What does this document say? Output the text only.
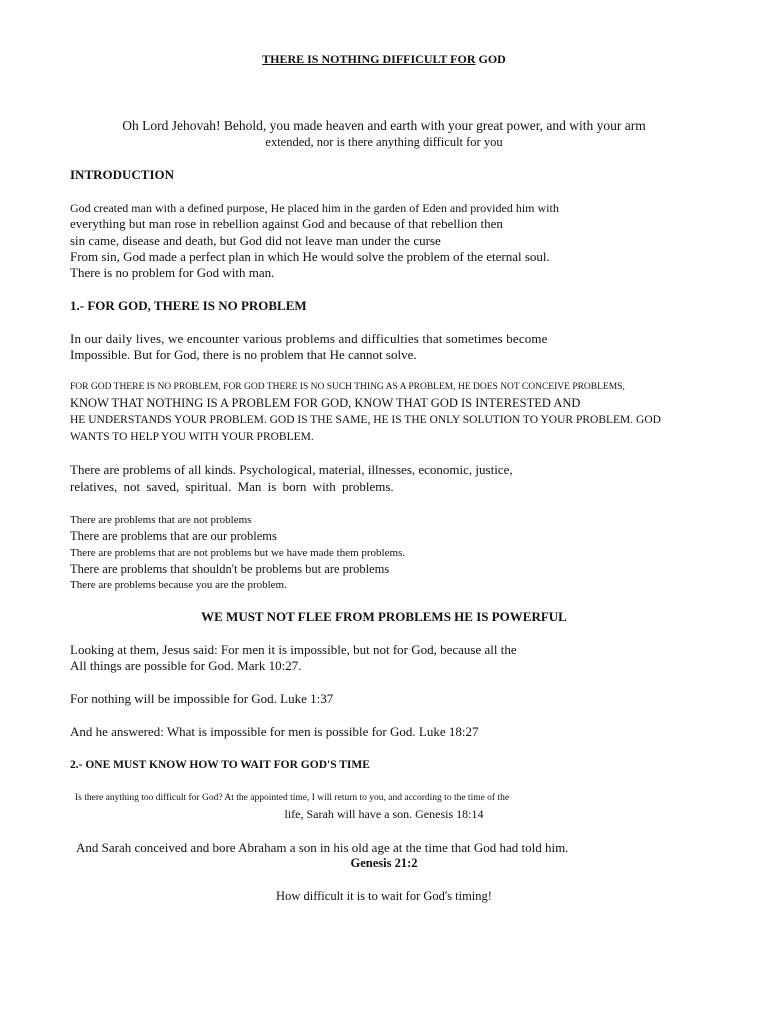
THERE IS NOTHING DIFFICULT FOR GOD
Oh Lord Jehovah! Behold, you made heaven and earth with your great power, and with your arm
extended, nor is there anything difficult for you
INTRODUCTION
God created man with a defined purpose, He placed him in the garden of Eden and provided him with
everything but man rose in rebellion against God and because of that rebellion then
sin came, disease and death, but God did not leave man under the curse
From sin, God made a perfect plan in which He would solve the problem of the eternal soul.
There is no problem for God with man.
1.- FOR GOD, THERE IS NO PROBLEM
In our daily lives, we encounter various problems and difficulties that sometimes become
Impossible. But for God, there is no problem that He cannot solve.
FOR GOD THERE IS NO PROBLEM, FOR GOD THERE IS NO SUCH THING AS A PROBLEM, HE DOES NOT CONCEIVE PROBLEMS,
KNOW THAT NOTHING IS A PROBLEM FOR GOD, KNOW THAT GOD IS INTERESTED AND
HE UNDERSTANDS YOUR PROBLEM. GOD IS THE SAME, HE IS THE ONLY SOLUTION TO YOUR PROBLEM. GOD
WANTS TO HELP YOU WITH YOUR PROBLEM.
There are problems of all kinds. Psychological, material, illnesses, economic, justice,
relatives, not saved, spiritual. Man is born with problems.
There are problems that are not problems
There are problems that are our problems
There are problems that are not problems but we have made them problems.
There are problems that shouldn't be problems but are problems
There are problems because you are the problem.
WE MUST NOT FLEE FROM PROBLEMS HE IS POWERFUL
Looking at them, Jesus said: For men it is impossible, but not for God, because all the
All things are possible for God. Mark 10:27.
For nothing will be impossible for God. Luke 1:37
And he answered: What is impossible for men is possible for God. Luke 18:27
2.- ONE MUST KNOW HOW TO WAIT FOR GOD'S TIME
Is there anything too difficult for God? At the appointed time, I will return to you, and according to the time of the
life, Sarah will have a son. Genesis 18:14
And Sarah conceived and bore Abraham a son in his old age at the time that God had told him.
Genesis 21:2
How difficult it is to wait for God's timing!
